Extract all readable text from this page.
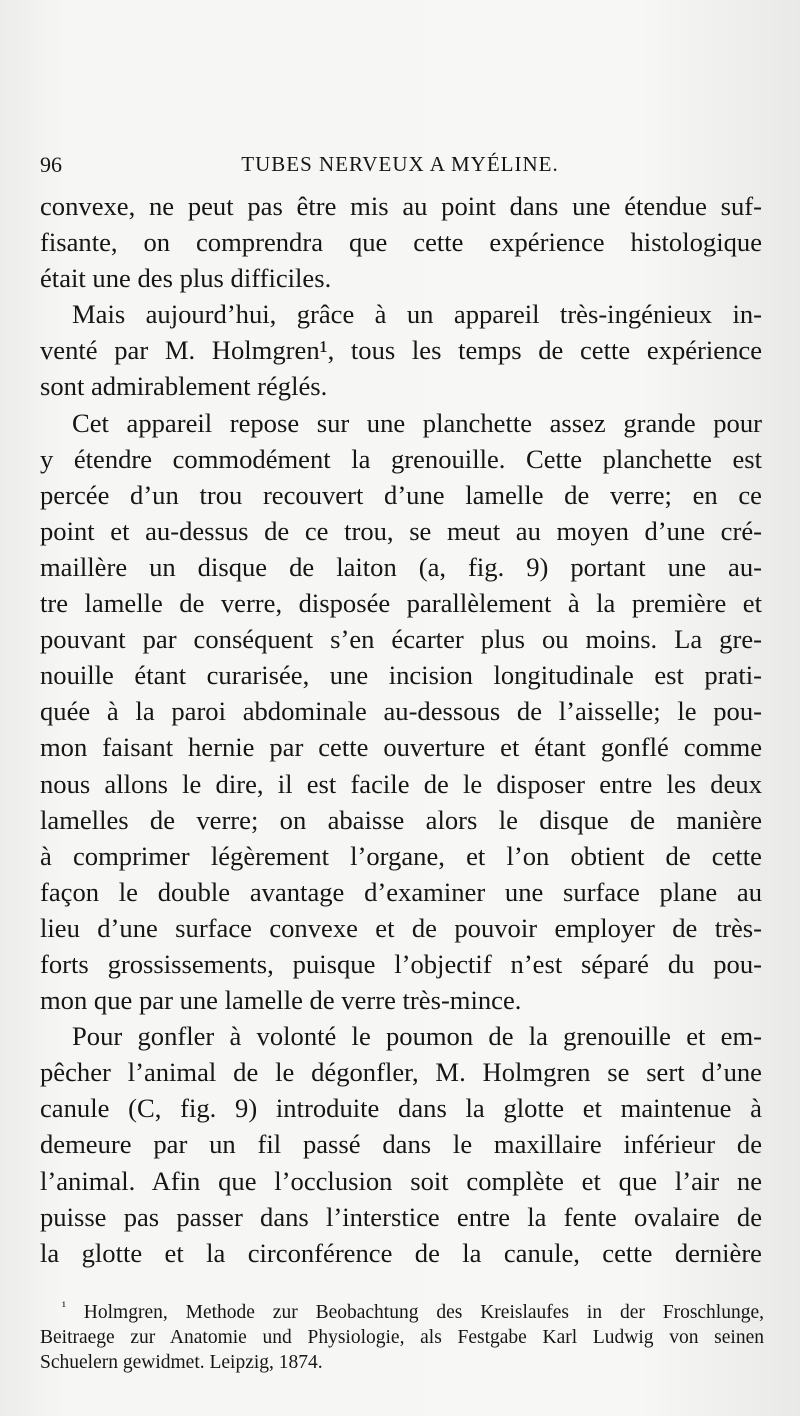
96	TUBES NERVEUX A MYÉLINE.
convexe, ne peut pas être mis au point dans une étendue suf-
fisante, on comprendra que cette expérience histologique
était une des plus difficiles.
Mais aujourd’hui, grâce à un appareil très-ingénieux in-
venté par M. Holmgren¹, tous les temps de cette expérience
sont admirablement réglés.
Cet appareil repose sur une planchette assez grande pour
y étendre commodément la grenouille. Cette planchette est
percée d’un trou recouvert d’une lamelle de verre; en ce
point et au-dessus de ce trou, se meut au moyen d’une cré-
maillère un disque de laiton (a, fig. 9) portant une au-
tre lamelle de verre, disposée parallèlement à la première et
pouvant par conséquent s’en écarter plus ou moins. La gre-
nouille étant curarisée, une incision longitudinale est prati-
quée à la paroi abdominale au-dessous de l’aisselle; le pou-
mon faisant hernie par cette ouverture et étant gonflé comme
nous allons le dire, il est facile de le disposer entre les deux
lamelles de verre; on abaisse alors le disque de manière
à comprimer légèrement l’organe, et l’on obtient de cette
façon le double avantage d’examiner une surface plane au
lieu d’une surface convexe et de pouvoir employer de très-
forts grossissements, puisque l’objectif n’est séparé du pou-
mon que par une lamelle de verre très-mince.
Pour gonfler à volonté le poumon de la grenouille et em-
pêcher l’animal de le dégonfler, M. Holmgren se sert d’une
canule (C, fig. 9) introduite dans la glotte et maintenue à
demeure par un fil passé dans le maxillaire inférieur de
l’animal. Afin que l’occlusion soit complète et que l’air ne
puisse pas passer dans l’interstice entre la fente ovalaire de
la glotte et la circonférence de la canule, cette dernière
$^{^1}$ Holmgren, Methode zur Beobachtung des Kreislaufes in der Froschlunge,
Beitraege zur Anatomie und Physiologie, als Festgabe Karl Ludwig von seinen
Schuelern gewidmet. Leipzig, 1874.
